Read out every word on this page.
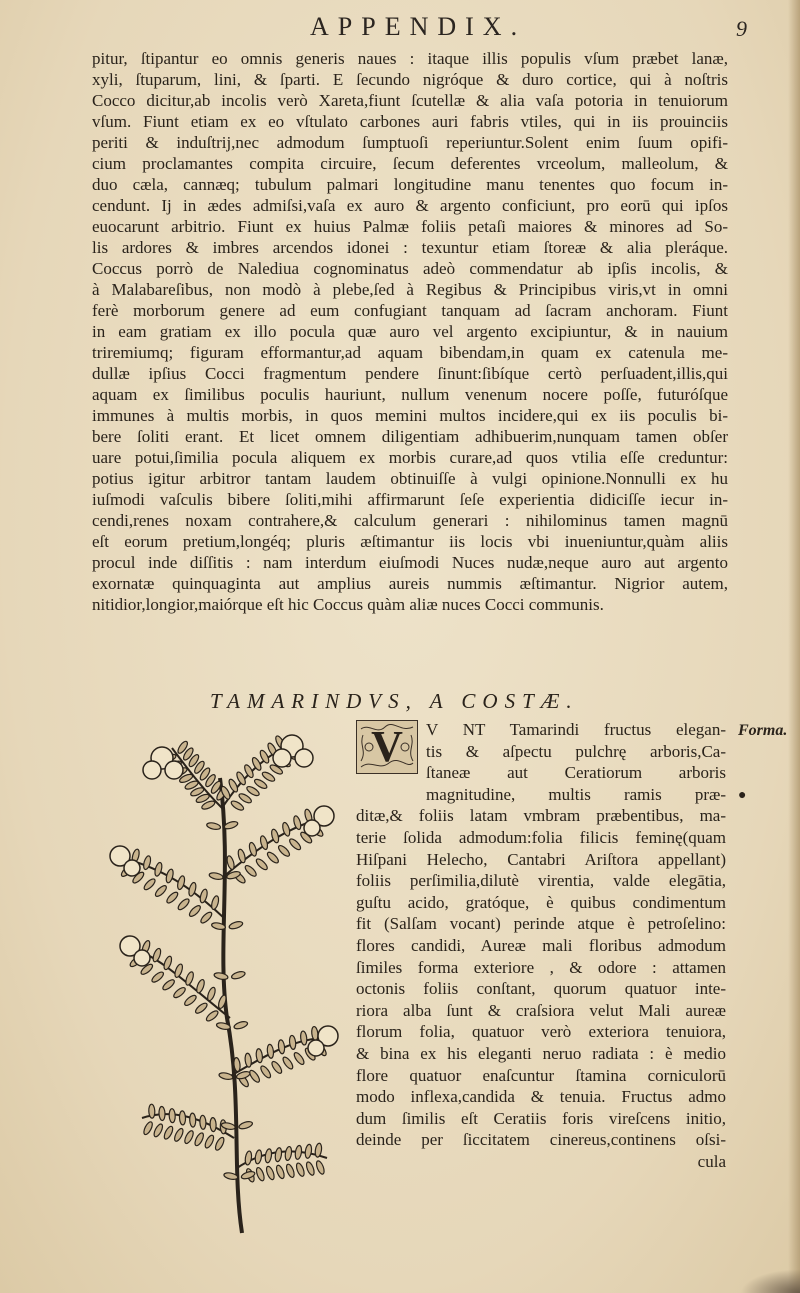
APPENDIX.	9
pitur, ſtipantur eo omnis generis naues : itaque illis populis vſum præbet lanæ,
xyli, ſtuparum, lini, & ſparti. E ſecundo nigróque & duro cortice, qui à noſtris
Cocco dicitur,ab incolis verò Xareta,fiunt ſcutellæ & alia vaſa potoria in tenuiorum
vſum. Fiunt etiam ex eo vſtulato carbones auri fabris vtiles, qui in iis prouinciis
periti & induſtrij,nec admodum ſumptuoſi reperiuntur.Solent enim ſuum opifi-
cium proclamantes compita circuire, ſecum deferentes vrceolum, malleolum, &
duo cæla, cannæq; tubulum palmari longitudine manu tenentes quo focum in-
cendunt. Ij in ædes admiſsi,vaſa ex auro & argento conficiunt, pro eorū qui ipſos
euocarunt arbitrio. Fiunt ex huius Palmæ foliis petaſi maiores & minores ad So-
lis ardores & imbres arcendos idonei : texuntur etiam ſtoreæ & alia pleráque.
Coccus porrò de Nalediua cognominatus adeò commendatur ab ipſis incolis, &
à Malabareſibus, non modò à plebe,ſed à Regibus & Principibus viris,vt in omni
ferè morborum genere ad eum confugiant tanquam ad ſacram anchoram. Fiunt
in eam gratiam ex illo pocula quæ auro vel argento excipiuntur, & in nauium
triremiumq; figuram efformantur,ad aquam bibendam,in quam ex catenula me-
dullæ ipſius Cocci fragmentum pendere ſinunt:ſibíque certò perſuadent,illis,qui
aquam ex ſimilibus poculis hauriunt, nullum venenum nocere poſſe, futuróſque
immunes à multis morbis, in quos memini multos incidere,qui ex iis poculis bi-
bere ſoliti erant. Et licet omnem diligentiam adhibuerim,nunquam tamen obſer
uare potui,ſimilia pocula aliquem ex morbis curare,ad quos vtilia eſſe creduntur:
potius igitur arbitror tantam laudem obtinuiſſe à vulgi opinione.Nonnulli ex hu
iuſmodi vaſculis bibere ſoliti,mihi affirmarunt ſeſe experientia didiciſſe iecur in-
cendi,renes noxam contrahere,& calculum generari : nihilominus tamen magnū
eſt eorum pretium,longéq; pluris æſtimantur iis locis vbi inueniuntur,quàm aliis
procul inde diſſitis : nam interdum eiuſmodi Nuces nudæ,neque auro aut argento
exornatæ quinquaginta aut amplius aureis nummis æſtimantur. Nigrior autem,
nitidior,longior,maiórque eſt hic Coccus quàm aliæ nuces Cocci communis.
TAMARINDVS, A COSTÆ.
V	V NT Tamarindi fructus elegan-
tis & aſpectu pulchrę arboris,Ca-
ſtaneæ aut Ceratiorum arboris
magnitudine, multis ramis præ-
ditæ,& foliis latam vmbram præbentibus, ma-
terie ſolida admodum:folia filicis feminę(quam
Hiſpani Helecho, Cantabri Ariſtora appellant)
foliis perſimilia,dilutè virentia, valde elegātia,
guſtu acido, gratóque, è quibus condimentum
fit (Salſam vocant) perinde atque è petroſelino:
flores candidi, Aureæ mali floribus admodum
ſimiles forma exteriore , & odore : attamen
octonis foliis conſtant, quorum quatuor inte-
riora alba ſunt & craſsiora velut Mali aureæ
florum folia, quatuor verò exteriora tenuiora,
& bina ex his eleganti neruo radiata : è medio
flore quatuor enaſcuntur ſtamina corniculorū
modo inflexa,candida & tenuia. Fructus admo
dum ſimilis eſt Ceratiis foris vireſcens initio,
deinde per ſiccitatem cinereus,continens oſsi-
cula
Forma.
●
